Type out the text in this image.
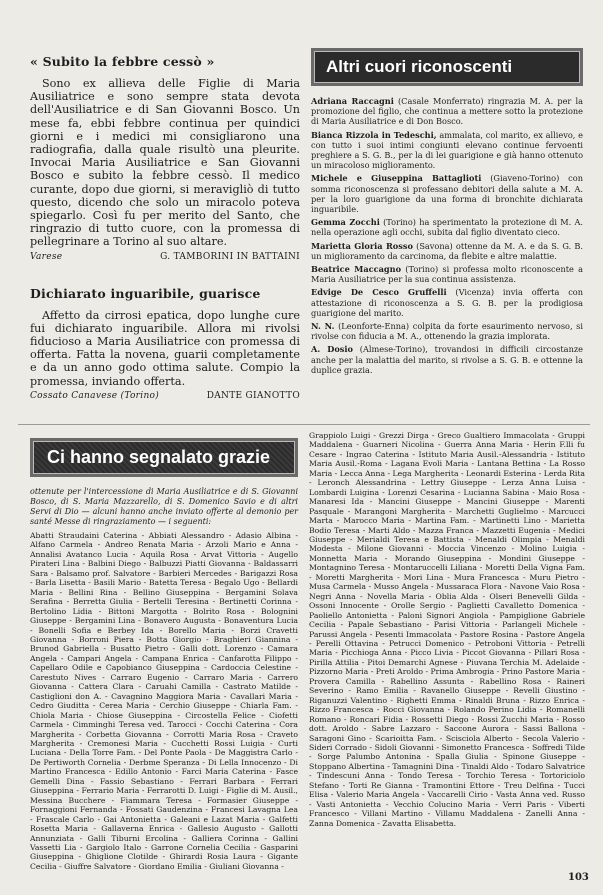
« Subito la febbre cessò »

Sono ex allieva delle Figlie di Maria Ausiliatrice e sono sempre stata devota dell'Ausiliatrice e di San Giovanni Bosco. Un mese fa, ebbi febbre continua per quindici giorni e i medici mi consigliarono una radiografia, dalla quale risultò una pleurite. Invocai Maria Ausiliatrice e San Giovanni Bosco e subito la febbre cessò. Il medico curante, dopo due giorni, si meravigliò di tutto questo, dicendo che solo un miracolo poteva spiegarlo. Così fu per merito del Santo, che ringrazio di tutto cuore, con la promessa di pellegrinare a Torino al suo altare.

Varese	G. TAMBORINI IN BATTAINI
Dichiarato inguaribile, guarisce

Affetto da cirrosi epatica, dopo lunghe cure fui dichiarato inguaribile. Allora mi rivolsi fiducioso a Maria Ausiliatrice con promessa di offerta. Fatta la novena, guarii completamente e da un anno godo ottima salute. Compio la promessa, inviando offerta.

Cossato Canavese (Torino)	DANTE GIANOTTO
Altri cuori riconoscenti

Adriana Raccagni (Casale Monferrato) ringrazia M. A. per la promozione del figlio, che continua a mettere sotto la protezione di Maria Ausiliatrice e di Don Bosco.

Bianca Rizzola in Tedeschi, ammalata, col marito, ex allievo, e con tutto i suoi intimi congiunti elevano continue fervoenti preghiere a S. G. B., per la di lei guarigione e già hanno ottenuto un miracoloso miglioramento.

Michele e Giuseppina Battaglioti (Giaveno-Torino) con somma riconoscenza si professano debitori della salute a M. A. per la loro guarigione da una forma di bronchite dichiarata inguaribile.

Gemma Zocchi (Torino) ha sperimentato la protezione di M. A. nella operazione agli occhi, subita dal figlio diventato cieco.

Marietta Gloria Rosso (Savona) ottenne da M. A. e da S. G. B. un miglioramento da carcinoma, da flebite e altre malattie.

Beatrice Maccagno (Torino) si professa molto riconoscente a Maria Ausiliatrice per la sua continua assistenza.

Edvige De Cesco Gruffelli (Vicenza) invia offerta con attestazione di riconoscenza a S. G. B. per la prodigiosa guarigione del marito.

N. N. (Leonforte-Enna) colpita da forte esaurimento nervoso, si rivolse con fiducia a M. A., ottenendo la grazia implorata.

A. Dosio (Almese-Torino), trovandosi in difficili circostanze anche per la malattia del marito, si rivolse a S. G. B. e ottenne la duplice grazia.

Ci hanno segnalato grazie
ottenute per l'intercessione di Maria Ausiliatrice e di S. Giovanni Bosco, di S. Maria Mazzarello, di S. Domenico Savio e di altri Servi di Dio — alcuni hanno anche inviato offerte al demonio per santé Messe di ringraziamento — i seguenti:
Abatti Straudaini Caterina - Abbiati Alessandro - Adasio Albina - Alfano Carmela - Andreo Renata Maria - Arzoli Mario e Anna - Annalisi Avatanco Lucia - Aquila Rosa - Arvat Vittoria - Augello Pirateri Lina - Balbini Diego - Balbuzzi Piatti Giovanna - Baldassarri Sara - Balsamo prof. Salvatore - Barbieri Mercedes - Barigazzi Rosa - Barla Lisetta - Basili Mario - Batetta Teresa - Begalo Ugo - Bellardi Maria - Bellini Rina - Bellino Giuseppina - Bergamini Solava Serafina - Berretta Giulia - Bertelli Teresina - Bertinetti Corinna - Bertolino Lidia - Bittoni Margotta - Bolrito Rosa - Bolognini Giuseppe - Bergamini Lina - Bonavero Augusta - Bonaventura Lucia - Bonelli Sofia e Berbey Ida - Borello Maria - Borzi Cravetti Giovanna - Borroni Piera - Botta Giorgio - Braghieri Giannina - Brunod Gabriella - Busatto Pietro - Galli dott. Lorenzo - Camara Angela - Campari Angela - Campana Enrica - Canfarotta Filippo - Capellaro Odile e Capobianco Giuseppina - Cardoccia Celestine - Carestuto Nives - Carraro Eugenio - Carraro Maria - Carrero Giovanna - Cattera Clara - Caruahi Camilla - Castrato Matilde - Castiglioni don A. - Cavagnino Maggiora Maria - Cavallari Maria - Cedro Giuditta - Cerea Maria - Cerchio Giuseppe - Chiarla Fam. - Chiola Maria - Chiose Giuseppina - Circostella Felice - Ciofetti Carmela - Cimminghi Teresa ved. Tarocci - Cocchi Caterina - Cora Margherita - Corbetta Giovanna - Corrotti Maria Rosa - Craveto Margherita - Cremonesi Maria - Cucchetti Rossi Luigia - Curti Luciana - Della Torre Fam. - Del Ponte Paola - De Maggistra Carlo - De Pertiworth Cornelia - Derbme Speranza - Di Lella Innocenzo - Di Martino Francesca - Edillo Antonio - Farci Maria Caterina - Fasce Gemelli Dina - Fassio Sebastiano - Ferrari Barbara - Ferrari Giuseppina - Ferrario Maria - Ferrarotti D. Luigi - Figlie di M. Ausil., Messina Bucchere - Fiammara Teresa - Formasier Giuseppe - Fornaggioni Fernanda - Fossati Gaudenzina - Francesi Lavagna Lea - Frascale Carlo - Gai Antonietta - Galeani e Lazat Maria - Galfetti Rosetta Maria - Gallaverna Enrica - Gallesio Augusto - Gallotti Annunziata - Galli Tiburni Ercolina - Galliera Corinna - Gallini Vassetti Lia - Gargiolo Italo - Garrone Cornelia Cecilia - Gasparini Giuseppina - Ghiglione Clotilde - Ghirardi Rosia Laura - Gigante Cecilia - Giuffre Salvatore - Giordano Emilia - Giuliani Giovanna -
Grappiolo Luigi - Grezzi Dirga - Greco Gualtiero Immacolata - Gruppi Maddalena - Guarneri Nicolina - Guerra Anna Maria - Herin F.lli fu Cesare - Ingrao Caterina - Istituto Maria Ausil.-Alessandria - Istituto Maria Ausil.-Roma - Lagana Evoli Maria - Lantana Bettina - La Rosso Maria - Lecca Anna - Lega Margherita - Leonardi Esterina - Lerda Rita - Leronch Alessandrina - Lettry Giuseppe - Lerza Anna Luisa - Lombardi Luigina - Lorenzi Cesarina - Lucianna Sabina - Maio Rosa - Manaresi Ida - Mancini Giuseppe - Mancini Giuseppe - Marenti Pasquale - Marangoni Margherita - Marchetti Guglielmo - Marcucci Marta - Marocco Maria - Martina Fam. - Martinetti Lino - Marietta Bodio Teresa - Marti Aldo - Mazza Franca - Mazzetti Eugenia - Medici Giuseppe - Merialdi Teresa e Battista - Menaldi Olimpia - Menaldi Modesta - Milone Giovanni - Moccia Vincenzo - Molino Luigia - Monnetta Maria - Morando Giuseppina - Mondini Giuseppe - Montagnino Teresa - Montaruccelli Liliana - Moretti Della Vigna Fam. - Moretti Margherita - Mori Lina - Mura Francesca - Muru Pietro - Musa Carmela - Musso Angela - Mussaraca Flora - Navone Vaio Rosa - Negri Anna - Novella Maria - Oblia Alda - Olseri Benevelli Gilda - Ossoni Innocente - Orolle Sergio - Paglietti Cavalletto Domenica - Paoliello Antonietta - Paloni Signori Angiola - Pampiglione Gabriele Cecilia - Papale Sebastiano - Parisi Vittoria - Parlangeli Michele - Parussi Angela - Pesenti Immacolata - Pastore Rosina - Pastore Angela - Perelli Ottavina - Petrucci Domenico - Petroboni Vittoria - Petrelli Maria - Picchioga Anna - Picco Livia - Piccot Giovanna - Pillari Rosa - Pirilla Attilia - Pitoi Demarchi Agnese - Piuvana Terchia M. Adelaide - Pizzorno Maria - Preti Aroldo - Prima Ambrogia - Prino Pastore Maria - Provera Camilla - Rabellino Assunta - Rabellino Rosa - Raineri Severino - Ramo Emilia - Ravanello Giuseppe - Revelli Giustino - Riganuzzi Valentino - Righetti Emma - Rinaldi Bruna - Rizzo Enrica - Rizzo Francesca - Rocci Giovanna - Rolando Perino Lidia - Romanelli Romano - Roncari Fidia - Rossetti Diego - Rossi Zucchi Maria - Rosso dott. Aroldo - Sabre Lazzaro - Saccone Aurora - Sassi Ballona - Saragoni Gino - Scarioitta Fam. - Scisciola Alberto - Secola Valerio - Sideri Corrado - Sidoli Giovanni - Simonetto Francesca - Soffredi Tilde - Sorge Palumbo Antonina - Spalla Giulia - Spinone Giuseppe - Stoppano Albertina - Tamagnini Dina - Tinaldi Aldo - Todaro Salvatrice - Tindescuni Anna - Tondo Teresa - Torchio Teresa - Tortoriciolo Stefano - Torti Re Gianna - Tramontini Ettore - Treu Delfina - Tucci Elisa - Valerio Maria Angela - Vaccarelli Cirio - Vasta Anna ved. Russo - Vasti Antonietta - Vecchio Colucino Maria - Verri Paris - Viberti Francesco - Villani Martino - Villamu Maddalena - Zanelli Anna - Zanna Domenica - Zavatta Elisabetta.
103
